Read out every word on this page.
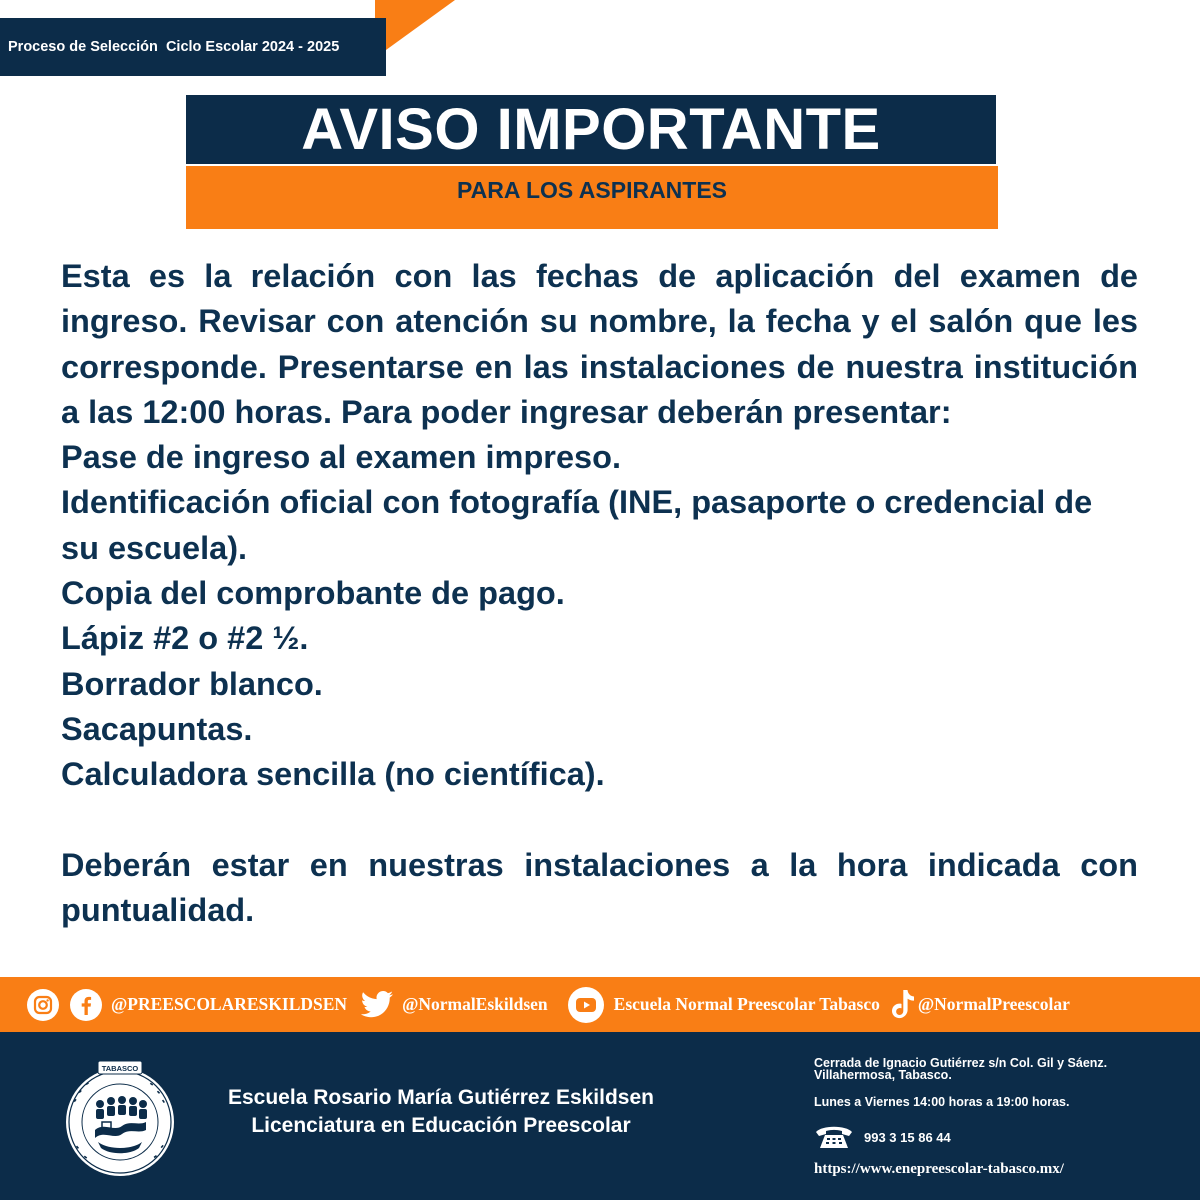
Proceso de Selección  Ciclo Escolar 2024 - 2025
AVISO IMPORTANTE
PARA LOS ASPIRANTES

Esta es la relación con las fechas de aplicación del examen de ingreso. Revisar con atención su nombre, la fecha y el salón que les corresponde. Presentarse en las instalaciones de nuestra institución a las 12:00 horas. Para poder ingresar deberán presentar:

Pase de ingreso al examen impreso.
Identificación oficial con fotografía (INE, pasaporte o credencial de su escuela).
Copia del comprobante de pago.
Lápiz #2 o #2 ½.
Borrador blanco.
Sacapuntas.
Calculadora sencilla (no científica).

Deberán estar en nuestras instalaciones a la hora indicada con puntualidad.

@PREESCOLARESKILDSEN	@NormalEskildsen	Escuela Normal Preescolar Tabasco @NormalPreescolar
TABASCO
Escuela Rosario María Gutiérrez Eskildsen
Licenciatura en Educación Preescolar
Cerrada de Ignacio Gutiérrez s/n Col. Gil y Sáenz.
Villahermosa, Tabasco.
Lunes a Viernes 14:00 horas a 19:00 horas.
993 3 15 86 44
https://www.enepreescolar-tabasco.mx/
